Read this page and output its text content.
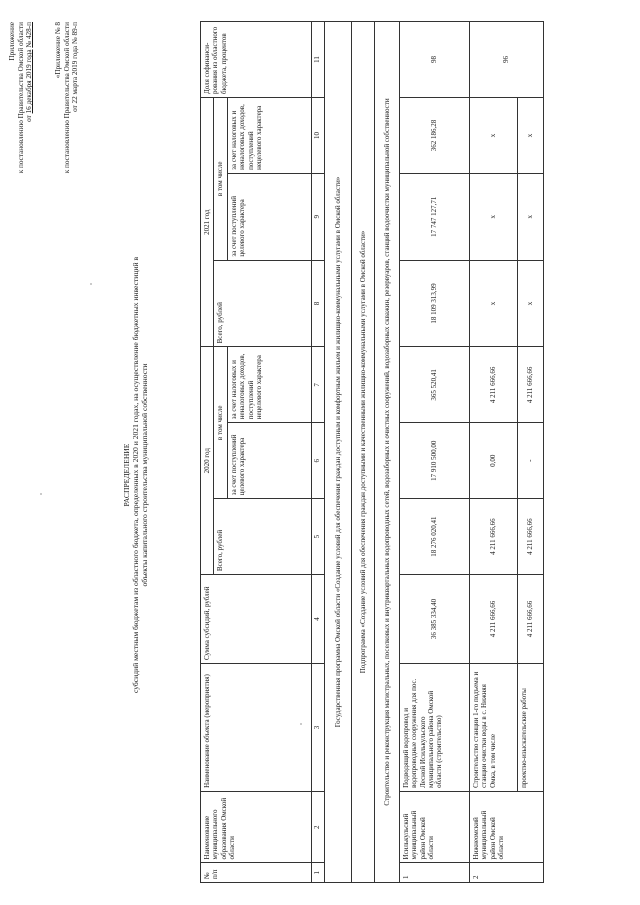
Приложение к постановлению Правительства Омской области от 16 декабря 2019 года № 428-п	«Приложение № 8 к постановлению Правительства Омской области от 22 марта 2019 года № 89-п
РАСПРЕДЕЛЕНИЕ субсидий местным бюджетам из областного бюджета, определенных в 2020 и 2021 годах, на осуществление бюджетных инвестиций в объекты капитального строительства муниципальной собственности
№ п/п	Наименование муниципального образования Омской области	Наименование объекта (мероприятия)	Сумма субсидий, рублей	2020 год			2021 год			Доля софинанси-рования из областного бюджета, процентов
				Всего, рублей	в том числе		Всего, рублей	в том числе		
					за счет поступлений целевого характера	за счет налоговых и неналоговых доходов, поступлений нецелевого характера		за счет поступлений целевого характера	за счет налоговых и неналоговых доходов, поступлений нецелевого характера	
1	2	3	4	5	6	7	8	9	10	11
Государственная программа Омской области «Создание условий для обеспечения граждан доступным и комфортным жильем и жилищно-коммунальными услугами в Омской области»										
Подпрограмма «Создание условий для обеспечения граждан доступными и качественными жилищно-коммунальными услугами в Омской области»										
Строительство и реконструкция магистральных, поселковых и внутриквартальных водопроводных сетей, водозаборных и очистных сооружений, водозаборных скважин, резервуаров, станций водоочистки муниципальной собственности										
1	Исилькульский муниципальный район Омской области	Подводящий водопровод и водопроводные сооружения для пос. Лесной Исилькульского муниципального района Омской области (строительство)	36 385 334,40	18 276 020,41	17 910 500,00	365 520,41	18 109 313,99	17 747 127,71	362 186,28	98
2	Нижнеомский муниципальный район Омской области	Строительство станции 1-го подъема и станции очистки воды в с. Нижняя Омка, в том числе	4 211 666,66	4 211 666,66	0,00	4 211 666,66	х	х	х	96
		проектно-изыскательские работы	4 211 666,66	4 211 666,66	-	4 211 666,66	х	х	х	
